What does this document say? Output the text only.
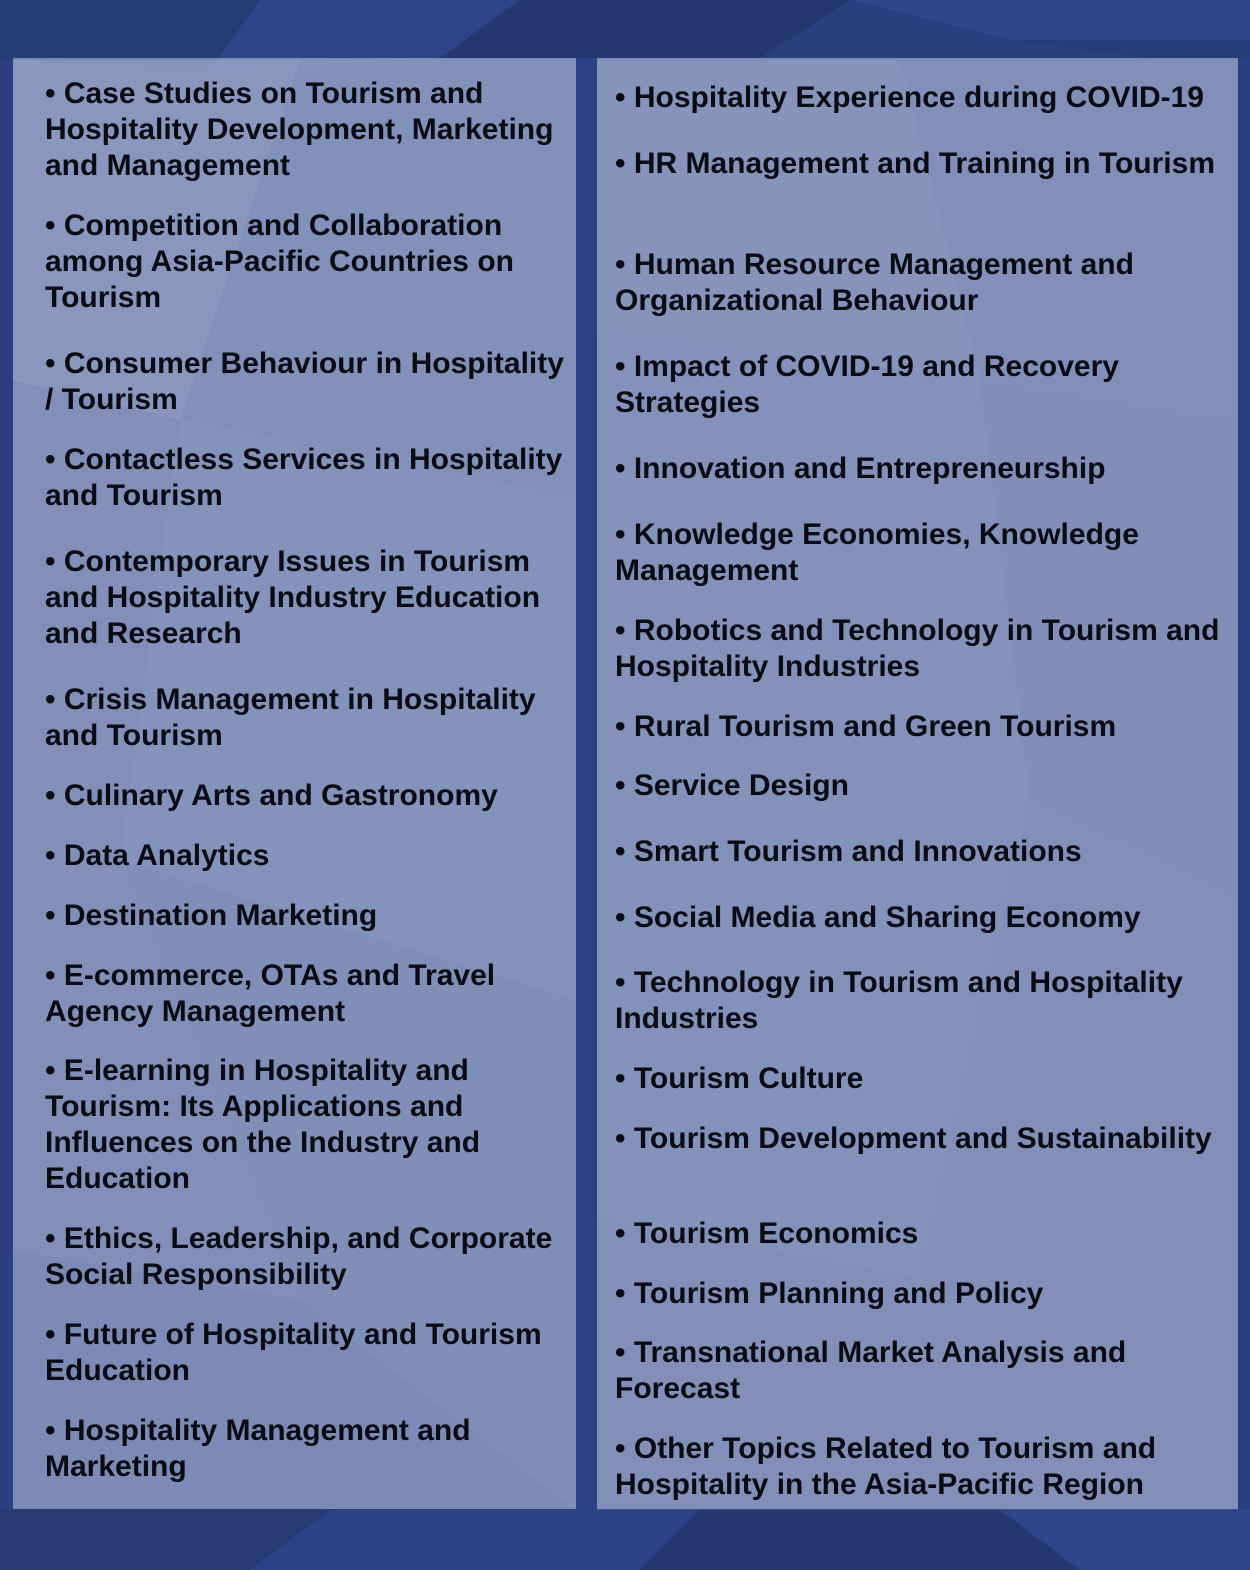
• Case Studies on Tourism and Hospitality Development, Marketing and Management

• Competition and Collaboration among Asia-Pacific Countries on Tourism

• Consumer Behaviour in Hospitality / Tourism

• Contactless Services in Hospitality and Tourism

• Contemporary Issues in Tourism and Hospitality Industry Education and Research

• Crisis Management in Hospitality and Tourism

• Culinary Arts and Gastronomy

• Data Analytics

• Destination Marketing

• E-commerce, OTAs and Travel Agency Management

• E-learning in Hospitality and Tourism: Its Applications and Influences on the Industry and Education

• Ethics, Leadership, and Corporate Social Responsibility

• Future of Hospitality and Tourism Education

• Hospitality Management and Marketing

• Hospitality Experience during COVID-19

• HR Management and Training in Tourism

• Human Resource Management and Organizational Behaviour

• Impact of COVID-19 and Recovery Strategies

• Innovation and Entrepreneurship

• Knowledge Economies, Knowledge Management

• Robotics and Technology in Tourism and Hospitality Industries

• Rural Tourism and Green Tourism

• Service Design

• Smart Tourism and Innovations

• Social Media and Sharing Economy

• Technology in Tourism and Hospitality Industries

• Tourism Culture

• Tourism Development and Sustainability

• Tourism Economics

• Tourism Planning and Policy

• Transnational Market Analysis and Forecast

• Other Topics Related to Tourism and Hospitality in the Asia-Pacific Region
